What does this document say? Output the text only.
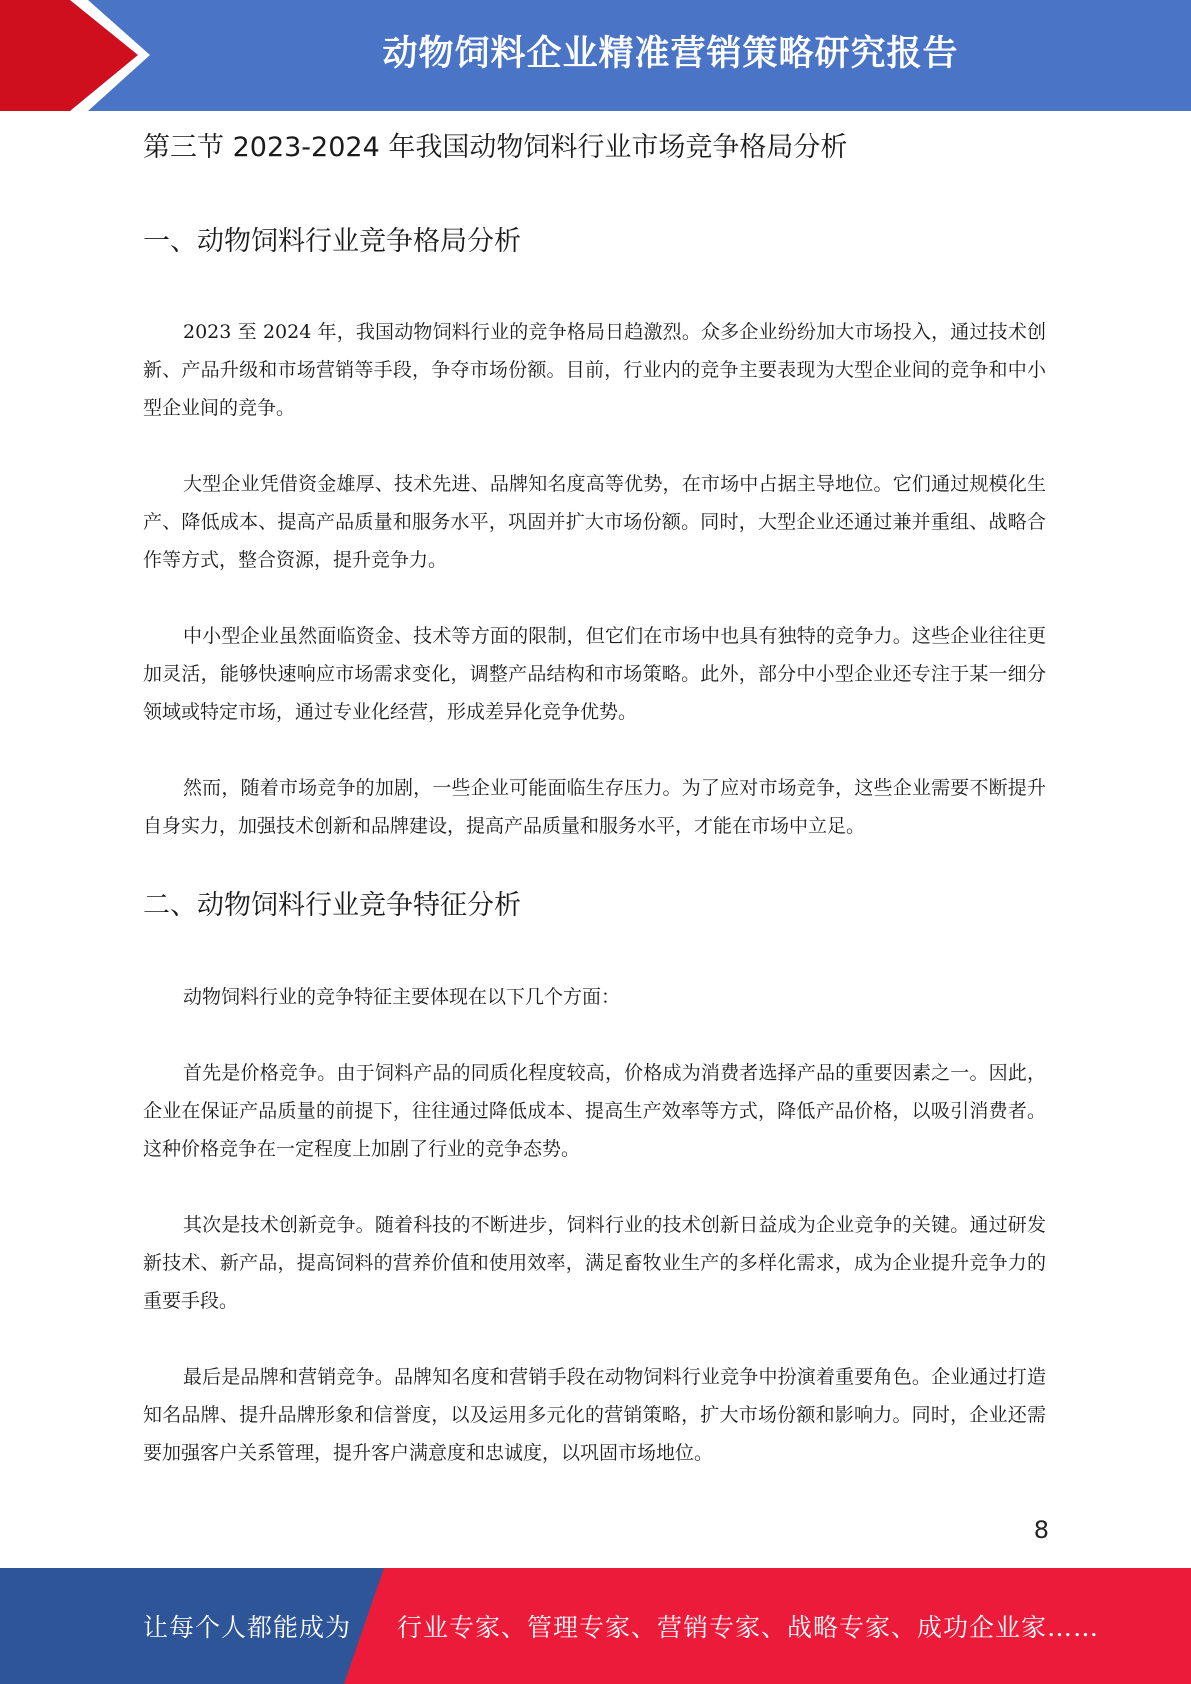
动物饲料企业精准营销策略研究报告
第三节 2023-2024 年我国动物饲料行业市场竞争格局分析
一、动物饲料行业竞争格局分析

2023 至 2024 年，我国动物饲料行业的竞争格局日趋激烈。众多企业纷纷加大市场投入，通过技术创新、产品升级和市场营销等手段，争夺市场份额。目前，行业内的竞争主要表现为大型企业间的竞争和中小型企业间的竞争。

大型企业凭借资金雄厚、技术先进、品牌知名度高等优势，在市场中占据主导地位。它们通过规模化生产、降低成本、提高产品质量和服务水平，巩固并扩大市场份额。同时，大型企业还通过兼并重组、战略合作等方式，整合资源，提升竞争力。

中小型企业虽然面临资金、技术等方面的限制，但它们在市场中也具有独特的竞争力。这些企业往往更加灵活，能够快速响应市场需求变化，调整产品结构和市场策略。此外，部分中小型企业还专注于某一细分领域或特定市场，通过专业化经营，形成差异化竞争优势。

然而，随着市场竞争的加剧，一些企业可能面临生存压力。为了应对市场竞争，这些企业需要不断提升自身实力，加强技术创新和品牌建设，提高产品质量和服务水平，才能在市场中立足。

二、动物饲料行业竞争特征分析

动物饲料行业的竞争特征主要体现在以下几个方面：

首先是价格竞争。由于饲料产品的同质化程度较高，价格成为消费者选择产品的重要因素之一。因此，企业在保证产品质量的前提下，往往通过降低成本、提高生产效率等方式，降低产品价格，以吸引消费者。这种价格竞争在一定程度上加剧了行业的竞争态势。

其次是技术创新竞争。随着科技的不断进步，饲料行业的技术创新日益成为企业竞争的关键。通过研发新技术、新产品，提高饲料的营养价值和使用效率，满足畜牧业生产的多样化需求，成为企业提升竞争力的重要手段。

最后是品牌和营销竞争。品牌知名度和营销手段在动物饲料行业竞争中扮演着重要角色。企业通过打造知名品牌、提升品牌形象和信誉度，以及运用多元化的营销策略，扩大市场份额和影响力。同时，企业还需要加强客户关系管理，提升客户满意度和忠诚度，以巩固市场地位。

8
让每个人都能成为 行业专家、管理专家、营销专家、战略专家、成功企业家……
